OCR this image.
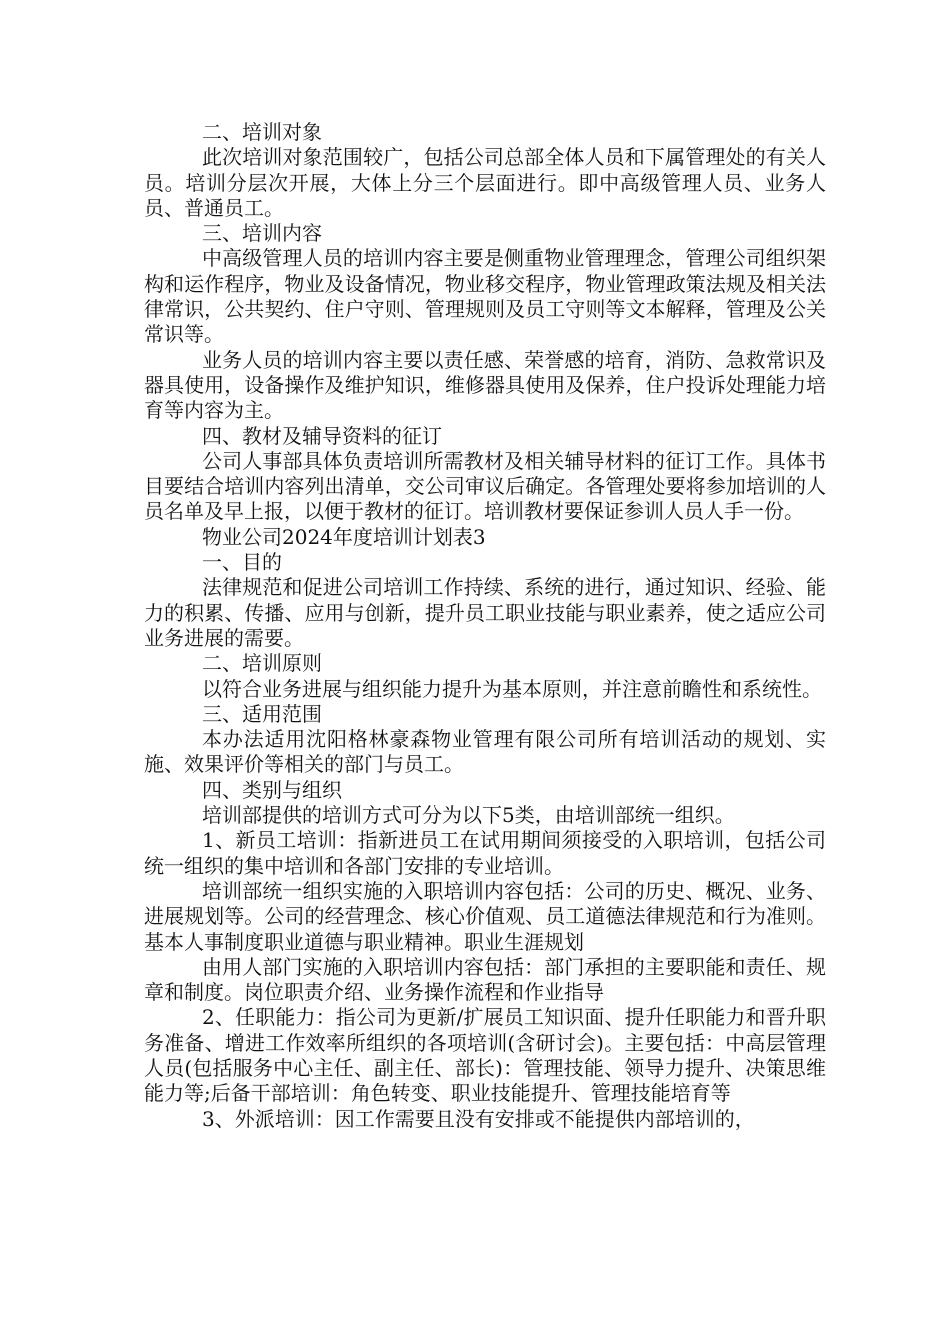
二、培训对象

此次培训对象范围较广，包括公司总部全体人员和下属管理处的有关人员。培训分层次开展，大体上分三个层面进行。即中高级管理人员、业务人员、普通员工。

三、培训内容

中高级管理人员的培训内容主要是侧重物业管理理念，管理公司组织架构和运作程序，物业及设备情况，物业移交程序，物业管理政策法规及相关法律常识，公共契约、住户守则、管理规则及员工守则等文本解释，管理及公关常识等。

业务人员的培训内容主要以责任感、荣誉感的培育，消防、急救常识及器具使用，设备操作及维护知识，维修器具使用及保养，住户投诉处理能力培育等内容为主。

四、教材及辅导资料的征订

公司人事部具体负责培训所需教材及相关辅导材料的征订工作。具体书目要结合培训内容列出清单，交公司审议后确定。各管理处要将参加培训的人员名单及早上报，以便于教材的征订。培训教材要保证参训人员人手一份。

物业公司2024年度培训计划表3

一、目的

法律规范和促进公司培训工作持续、系统的进行，通过知识、经验、能力的积累、传播、应用与创新，提升员工职业技能与职业素养，使之适应公司业务进展的需要。

二、培训原则

以符合业务进展与组织能力提升为基本原则，并注意前瞻性和系统性。

三、适用范围

本办法适用沈阳格林豪森物业管理有限公司所有培训活动的规划、实施、效果评价等相关的部门与员工。

四、类别与组织

培训部提供的培训方式可分为以下5类，由培训部统一组织。

1、新员工培训：指新进员工在试用期间须接受的入职培训，包括公司统一组织的集中培训和各部门安排的专业培训。

培训部统一组织实施的入职培训内容包括：公司的历史、概况、业务、进展规划等。公司的经营理念、核心价值观、员工道德法律规范和行为准则。基本人事制度职业道德与职业精神。职业生涯规划

由用人部门实施的入职培训内容包括：部门承担的主要职能和责任、规章和制度。岗位职责介绍、业务操作流程和作业指导

2、任职能力：指公司为更新/扩展员工知识面、提升任职能力和晋升职务准备、增进工作效率所组织的各项培训(含研讨会)。主要包括：中高层管理人员(包括服务中心主任、副主任、部长)：管理技能、领导力提升、决策思维能力等;后备干部培训：角色转变、职业技能提升、管理技能培育等

3、外派培训：因工作需要且没有安排或不能提供内部培训的，
